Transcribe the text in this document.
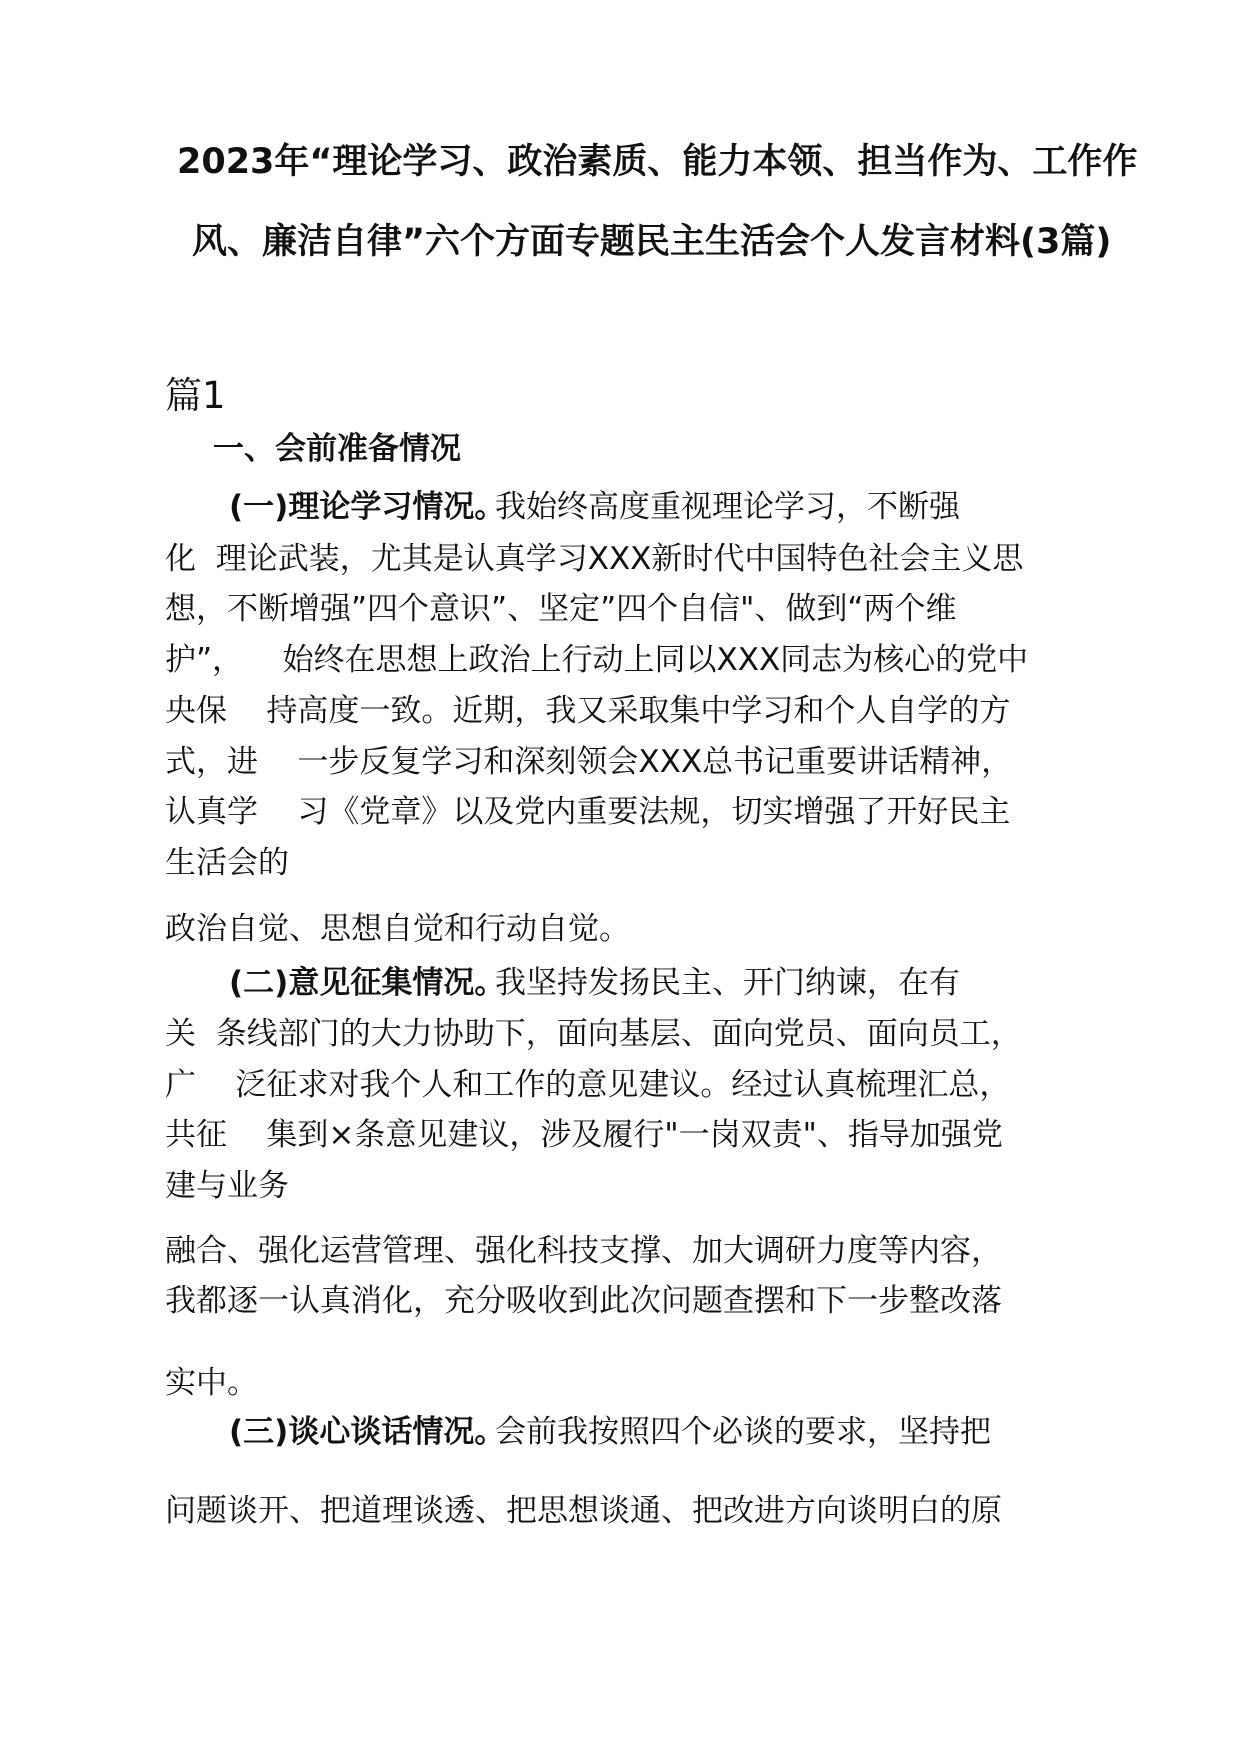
2023年“理论学习、政治素质、能力本领、担当作为、工作作
风、廉洁自律”六个方面专题民主生活会个人发言材料(3篇)
篇1
一、会前准备情况
(一)理论学习情况。
我始终高度重视理论学习，不断强
化  理论武装，尤其是认真学习XXX新时代中国特色社会主义思
想，不断增强”四个意识”、坚定”四个自信"、做到“两个维
护”，    始终在思想上政治上行动上同以XXX同志为核心的党中
央保    持高度一致。近期，我又采取集中学习和个人自学的方
式，进    一步反复学习和深刻领会XXX总书记重要讲话精神，
认真学    习《党章》以及党内重要法规，切实增强了开好民主
生活会的
政治自觉、思想自觉和行动自觉。
(二)意见征集情况。
我坚持发扬民主、开门纳谏，在有
关  条线部门的大力协助下，面向基层、面向党员、面向员工，
广    泛征求对我个人和工作的意见建议。经过认真梳理汇总，
共征    集到×条意见建议，涉及履行"一岗双责"、指导加强党
建与业务
融合、强化运营管理、强化科技支撑、加大调研力度等内容，
我都逐一认真消化，充分吸收到此次问题查摆和下一步整改落
实中。
(三)谈心谈话情况。
会前我按照四个必谈的要求，坚持把
问题谈开、把道理谈透、把思想谈通、把改进方向谈明白的原
